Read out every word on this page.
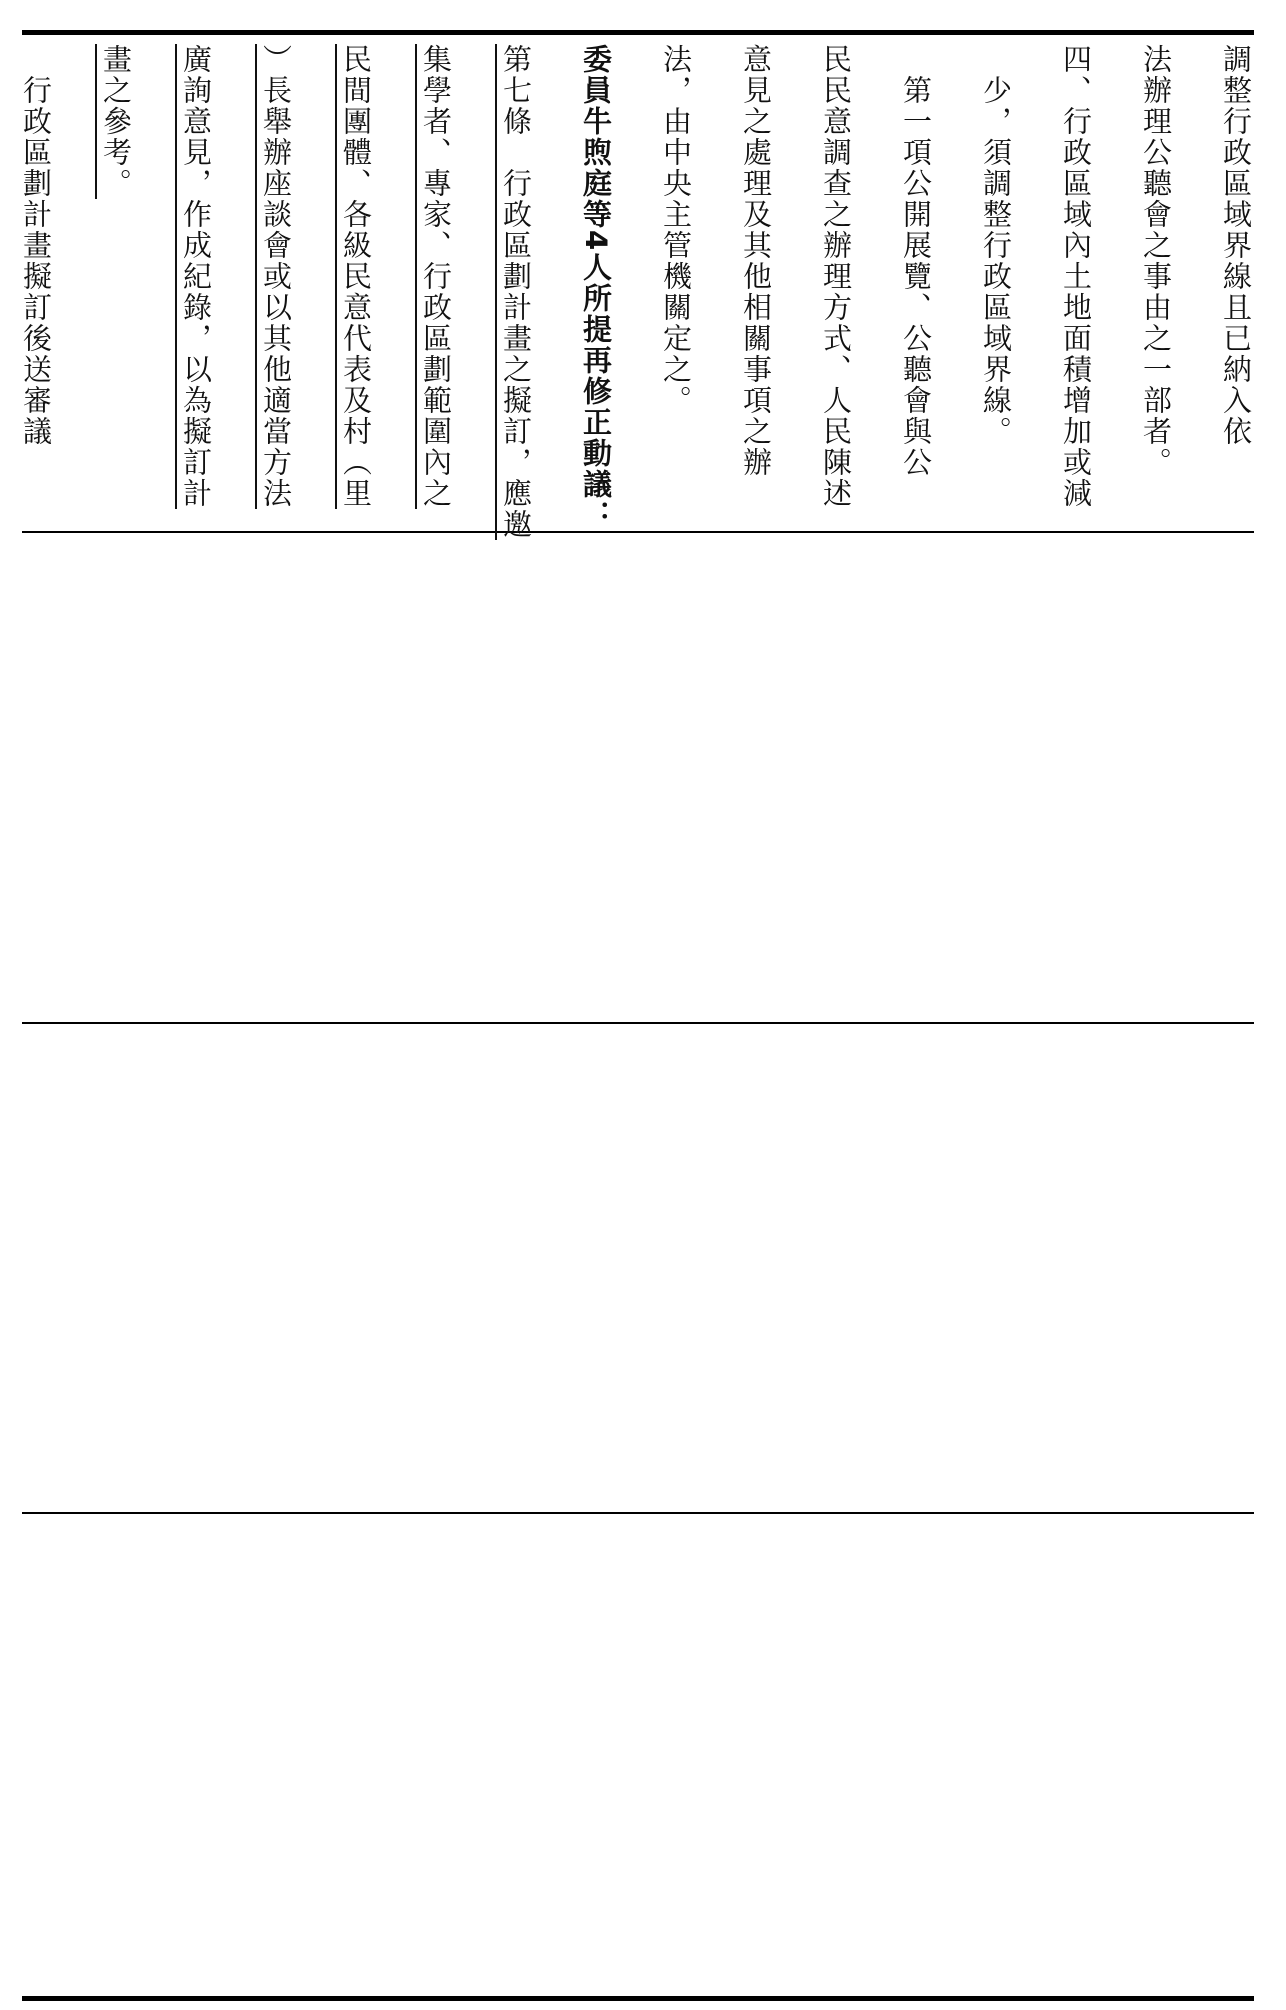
調整行政區域界線且已納入依
法辦理公聽會之事由之一部者。
四、行政區域內土地面積增加或減
　少，須調整行政區域界線。
　第一項公開展覽、公聽會與公
民民意調查之辦理方式、人民陳述
意見之處理及其他相關事項之辦
法，由中央主管機關定之。
委員牛煦庭等4人所提再修正動議：
第七條　行政區劃計畫之擬訂，應邀
集學者、專家、行政區劃範圍內之
民間團體、各級民意代表及村（里
）長舉辦座談會或以其他適當方法
廣詢意見，作成紀錄，以為擬訂計
畫之參考。
　行政區劃計畫擬訂後送審議
